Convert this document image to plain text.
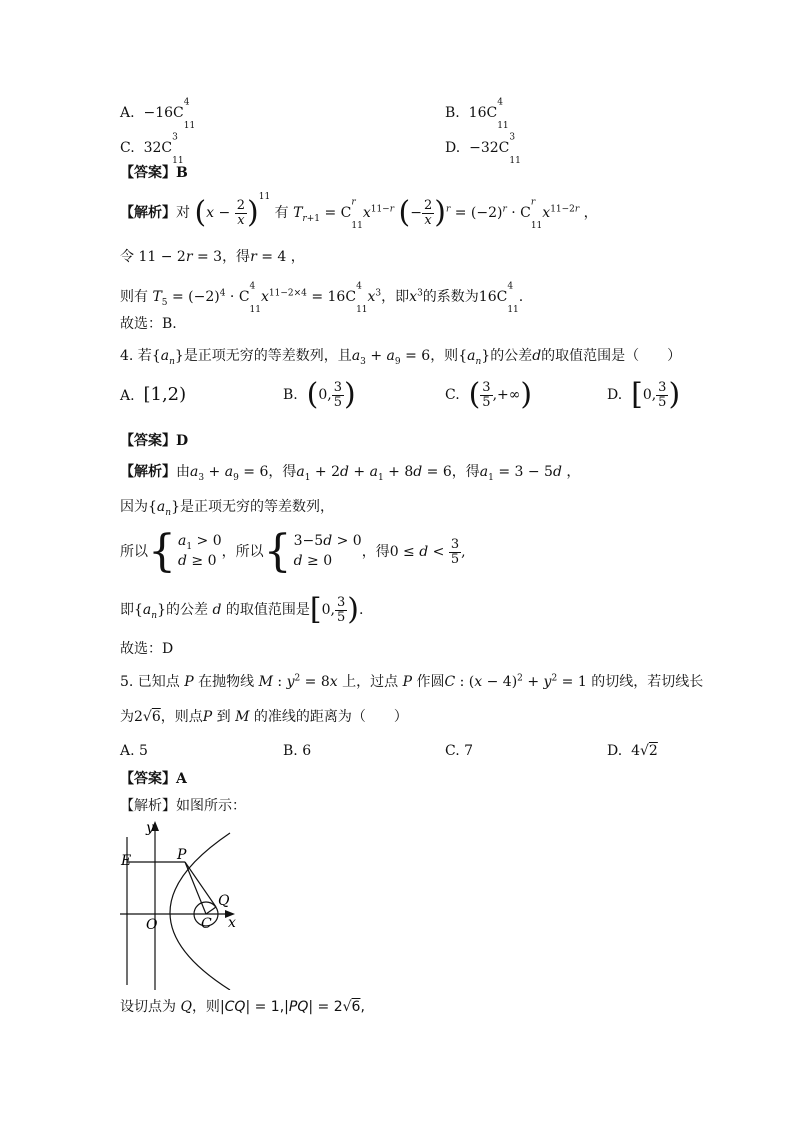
A. $-16C^4$
$_{11}$
B. $16C^4$
$_{11}$
C. $32C^3$
$_{11}$
D. $-32C^3$
$_{11}$
【答案】B
【解析】对 $(x - \frac{2}{x} )^{11}$ 有 $T_{r+1} = C^r$
$_{11}x^{11-r}$ (− $\frac{2}{x} )^r = (-2)^r \cdot C^r$
$_{11}x^{11-2r}$ ，
令 11 − 2r = 3，得r = 4 ，
则有 $T_5 = (-2)^4 \cdot C^4$
$_{11}x^{11-2\times 4} = 16C^4$
$_{11}x^3$，即$x^3$的系数为$16C^4$
$_{11}$.
故选：B.
4. 若$\{a_n\}$是正项无穷的等差数列，且$a_3 + a_9 = 6$，则$\{a_n\}$的公差d的取值范围是（　　）
A. [1,2)	B. (0, $\frac{3}{5}$ )	C. ( $\frac{3}{5}$ ,+∞)	D. [0, $\frac{3}{5}$ )
【答案】D
【解析】由$a_3 + a_9 = 6$，得$a_1 + 2d + a_1 + 8d = 6$，得$a_1 = 3 - 5d$ ，
因为$\{a_n\}$是正项无穷的等差数列，
所以{ $a_1 > 0$
d ≥ 0，所以{ 3−5d > 0
d ≥ 0，得$0 \le d < \frac{3}{5}$ ,
即$\{a_n\}$的公差 d 的取值范围是[0, $\frac{3}{5}$ ).
故选：D
5. 已知点 P 在抛物线 M : $y^2 = 8x$ 上，过点 P 作圆C : $(x - 4)^2 + y^2 = 1$ 的切线，若切线长
为2√6，则点P 到 M 的准线的距离为（　　）
A. 5	B. 6	C. 7	D.  4√2
【答案】A
【解析】如图所示：
y
E	P
O
Q
C x
设切点为 Q，则|CQ| = 1,|PQ| = 2√6,
